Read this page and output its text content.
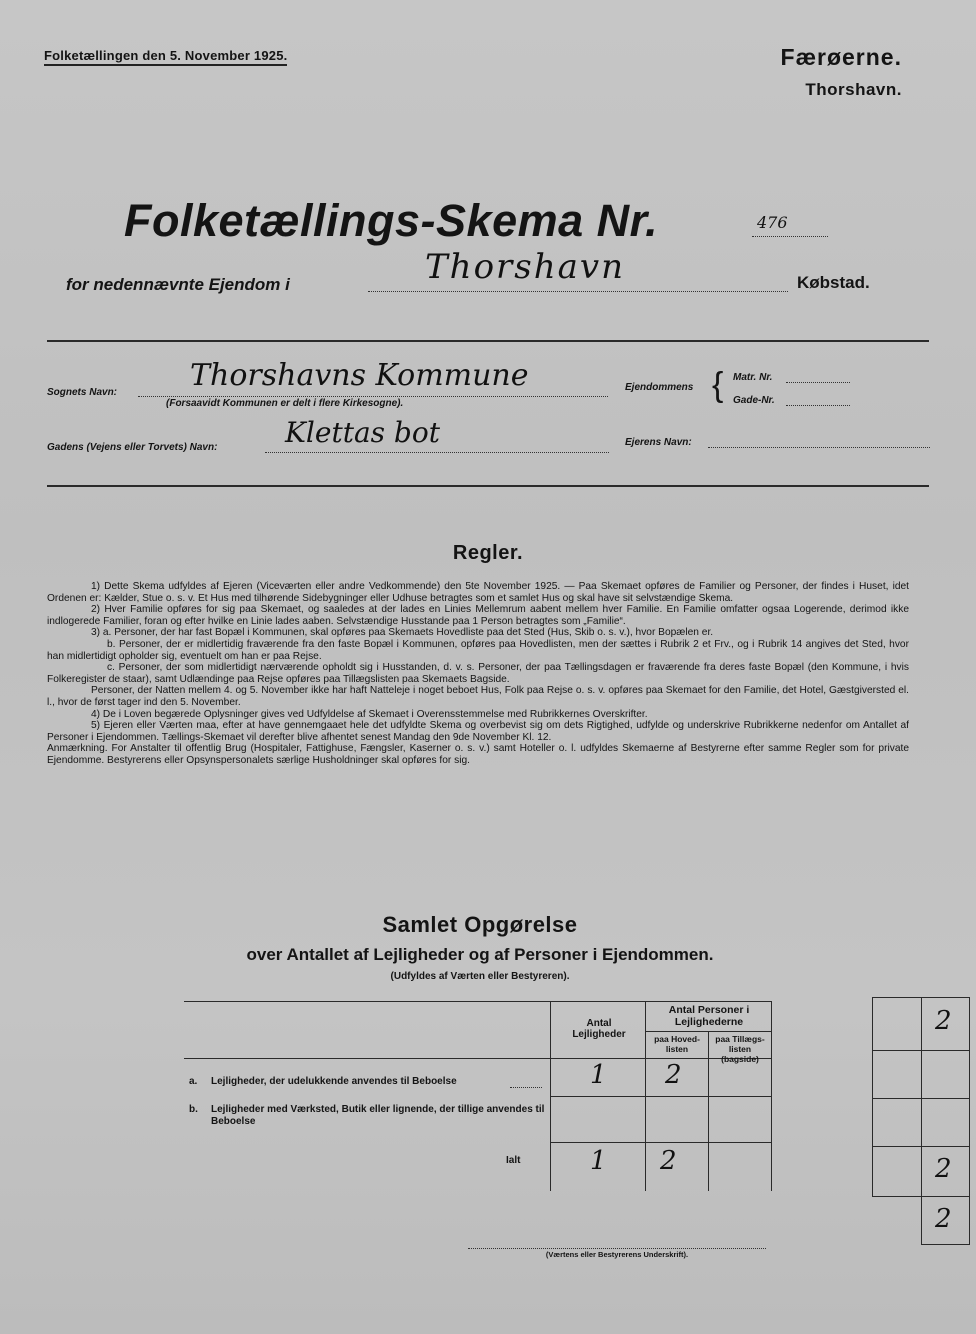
Folketællingen den 5. November 1925.	Færøerne.
Thorshavn.
Folketællings-Skema Nr.	476
for nedennævnte Ejendom i	Thorshavn	Købstad.
Sognets Navn: Thorshavns Kommune
(Forsaavidt Kommunen er delt i flere Kirkesogne).
Ejendommens { Matr. Nr.
Gade-Nr.
Gadens (Vejens eller Torvets) Navn: Klettas bot	Ejerens Navn:
Regler.

1) Dette Skema udfyldes af Ejeren (Viceværten eller andre Vedkommende) den 5te November 1925. — Paa Skemaet opføres de Familier og Personer, der findes i Huset, idet Ordenen er: Kælder, Stue o. s. v. Et Hus med tilhørende Sidebygninger eller Udhuse betragtes som et samlet Hus og skal have sit selvstændige Skema.

2) Hver Familie opføres for sig paa Skemaet, og saaledes at der lades en Linies Mellemrum aabent mellem hver Familie. En Familie omfatter ogsaa Logerende, derimod ikke indlogerede Familier, foran og efter hvilke en Linie lades aaben. Selvstændige Husstande paa 1 Person betragtes som „Familie“.

3) a. Personer, der har fast Bopæl i Kommunen, skal opføres paa Skemaets Hovedliste paa det Sted (Hus, Skib o. s. v.), hvor Bopælen er.

b. Personer, der er midlertidig fraværende fra den faste Bopæl i Kommunen, opføres paa Hovedlisten, men der sættes i Rubrik 2 et Frv., og i Rubrik 14 angives det Sted, hvor han midlertidigt opholder sig, eventuelt om han er paa Rejse.

c. Personer, der som midlertidigt nærværende opholdt sig i Husstanden, d. v. s. Personer, der paa Tællingsdagen er fraværende fra deres faste Bopæl (den Kommune, i hvis Folkeregister de staar), samt Udlændinge paa Rejse opføres paa Tillægslisten paa Skemaets Bagside.

Personer, der Natten mellem 4. og 5. November ikke har haft Natteleje i noget beboet Hus, Folk paa Rejse o. s. v. opføres paa Skemaet for den Familie, det Hotel, Gæstgiversted el. l., hvor de først tager ind den 5. November.

4) De i Loven begærede Oplysninger gives ved Udfyldelse af Skemaet i Overensstemmelse med Rubrikkernes Overskrifter.

5) Ejeren eller Værten maa, efter at have gennemgaaet hele det udfyldte Skema og overbevist sig om dets Rigtighed, udfylde og underskrive Rubrikkerne nedenfor om Antallet af Personer i Ejendommen. Tællings-Skemaet vil derefter blive afhentet senest Mandag den 9de November Kl. 12.

Anmærkning. For Anstalter til offentlig Brug (Hospitaler, Fattighuse, Fængsler, Kaserner o. s. v.) samt Hoteller o. l. udfyldes Skemaerne af Bestyrerne efter samme Regler som for private Ejendomme. Bestyrerens eller Opsynspersonalets særlige Husholdninger skal opføres for sig.

Samlet Opgørelse
over Antallet af Lejligheder og af Personer i Ejendommen.
(Udfyldes af Værten eller Bestyreren).
Antal Lejligheder
Antal Personer i Lejlighederne
paa Hoved-listen
paa Tillægs-listen (bagside)
a. Lejligheder, der udelukkende anvendes til Beboelse	1 2
b. Lejligheder med Værksted, Butik eller lignende, der tillige anvendes til Beboelse
Ialt	1 2
(Værtens eller Bestyrerens Underskrift).
2
2
2
